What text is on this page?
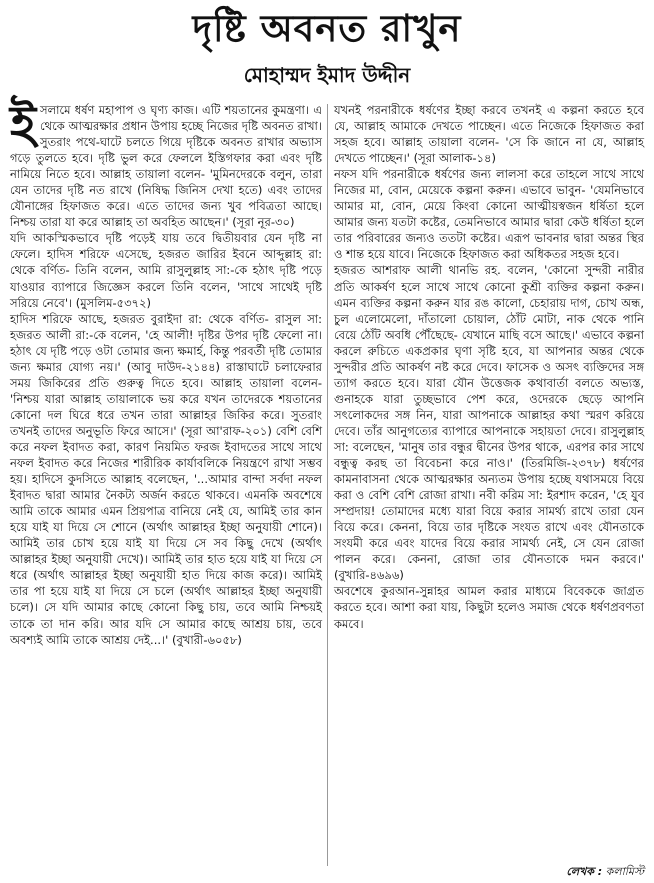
দৃষ্টি অবনত রাখুন
মোহাম্মদ ইমাদ উদ্দীন

ইসলামে ধর্ষণ মহাপাপ ও ঘৃণ্য কাজ। এটি শয়তানের কুমন্ত্রণা। এ থেকে আত্মরক্ষার প্রধান উপায় হচ্ছে নিজের দৃষ্টি অবনত রাখা। সুতরাং পথে-ঘাটে চলতে গিয়ে দৃষ্টিকে অবনত রাখার অভ্যাস গড়ে তুলতে হবে। দৃষ্টি ভুল করে ফেললে ইস্তিগফার করা এবং দৃষ্টি নামিয়ে নিতে হবে। আল্লাহ তায়ালা বলেন- 'মুমিনদেরকে বলুন, তারা যেন তাদের দৃষ্টি নত রাখে (নিষিদ্ধ জিনিস দেখা হতে) এবং তাদের যৌনাঙ্গের হিফাজত করে। এতে তাদের জন্য খুব পবিত্রতা আছে। নিশ্চয় তারা যা করে আল্লাহ তা অবহিত আছেন।' (সূরা নূর-৩০)

যদি আকস্মিকভাবে দৃষ্টি পড়েই যায় তবে দ্বিতীয়বার যেন দৃষ্টি না ফেলে। হাদিস শরিফে এসেছে, হজরত জারির ইবনে আব্দুল্লাহ রা: থেকে বর্ণিত- তিনি বলেন, আমি রাসুলুল্লাহ সা:-কে হঠাৎ দৃষ্টি পড়ে যাওয়ার ব্যাপারে জিজ্ঞেস করলে তিনি বলেন, 'সাথে সাথেই দৃষ্টি সরিয়ে নেবে'। (মুসলিম-৫৩৭২)

হাদিস শরিফে আছে, হজরত বুরাইদা রা: থেকে বর্ণিত- রাসুল সা: হজরত আলী রা:-কে বলেন, 'হে আলী! দৃষ্টির উপর দৃষ্টি ফেলো না। হঠাৎ যে দৃষ্টি পড়ে ওটা তোমার জন্য ক্ষমার্হ, কিন্তু পরবর্তী দৃষ্টি তোমার জন্য ক্ষমার যোগ্য নয়।' (আবু দাউদ-২১৪৪) রাস্তাঘাটে চলাফেরার সময় জিকিরের প্রতি গুরুত্ব দিতে হবে। আল্লাহ তায়ালা বলেন- 'নিশ্চয় যারা আল্লাহ তায়ালাকে ভয় করে যখন তাদেরকে শয়তানের কোনো দল ঘিরে ধরে তখন তারা আল্লাহর জিকির করে। সুতরাং তখনই তাদের অনুভূতি ফিরে আসে।' (সূরা আ'রাফ-২০১) বেশি বেশি করে নফল ইবাদত করা, কারণ নিয়মিত ফরজ ইবাদতের সাথে সাথে নফল ইবাদত করে নিজের শারীরিক কার্যাবলিকে নিয়ন্ত্রণে রাখা সম্ভব হয়। হাদিসে কুদসিতে আল্লাহ বলেছেন, '...আমার বান্দা সর্বদা নফল ইবাদত দ্বারা আমার নৈকট্য অর্জন করতে থাকবে। এমনকি অবশেষে আমি তাকে আমার এমন প্রিয়পাত্র বানিয়ে নেই যে, আমিই তার কান হয়ে যাই যা দিয়ে সে শোনে (অর্থাৎ আল্লাহর ইচ্ছা অনুযায়ী শোনে)। আমিই তার চোখ হয়ে যাই যা দিয়ে সে সব কিছু দেখে (অর্থাৎ আল্লাহর ইচ্ছা অনুযায়ী দেখে)। আমিই তার হাত হয়ে যাই যা দিয়ে সে ধরে (অর্থাৎ আল্লাহর ইচ্ছা অনুযায়ী হাত দিয়ে কাজ করে)। আমিই তার পা হয়ে যাই যা দিয়ে সে চলে (অর্থাৎ আল্লাহর ইচ্ছা অনুযায়ী চলে)। সে যদি আমার কাছে কোনো কিছু চায়, তবে আমি নিশ্চয়ই তাকে তা দান করি। আর যদি সে আমার কাছে আশ্রয় চায়, তবে অবশ্যই আমি তাকে আশ্রয় দেই...।' (বুখারী-৬০৫৮)

যখনই পরনারীকে ধর্ষণের ইচ্ছা করবে তখনই এ কল্পনা করতে হবে যে, আল্লাহ আমাকে দেখতে পাচ্ছেন। এতে নিজেকে হিফাজত করা সহজ হবে। আল্লাহ তায়ালা বলেন- 'সে কি জানে না যে, আল্লাহ দেখতে পাচ্ছেন।' (সূরা আলাক-১৪)

নফস যদি পরনারীকে ধর্ষণের জন্য লালসা করে তাহলে সাথে সাথে নিজের মা, বোন, মেয়েকে কল্পনা করুন। এভাবে ভাবুন- 'যেমনিভাবে আমার মা, বোন, মেয়ে কিংবা কোনো আত্মীয়স্বজন ধর্ষিতা হলে আমার জন্য যতটা কষ্টের, তেমনিভাবে আমার দ্বারা কেউ ধর্ষিতা হলে তার পরিবারের জন্যও ততটা কষ্টের। এরূপ ভাবনার দ্বারা অন্তর স্থির ও শান্ত হয়ে যাবে। নিজেকে হিফাজত করা অধিকতর সহজ হবে।

হজরত আশরাফ আলী থানভি রহ. বলেন, 'কোনো সুন্দরী নারীর প্রতি আকর্ষণ হলে সাথে সাথে কোনো কুশ্রী ব্যক্তির কল্পনা করুন। এমন ব্যক্তির কল্পনা করুন যার রঙ কালো, চেহারায় দাগ, চোখ অন্ধ, চুল এলোমেলো, দাঁতালো চোয়াল, ঠোঁট মোটা, নাক থেকে পানি বেয়ে ঠোঁট অবধি পৌঁছেছে- যেখানে মাছি বসে আছে।' এভাবে কল্পনা করলে রুচিতে একপ্রকার ঘৃণা সৃষ্টি হবে, যা আপনার অন্তর থেকে সুন্দরীর প্রতি আকর্ষণ নষ্ট করে দেবে। ফাসেক ও অসৎ ব্যক্তিদের সঙ্গ ত্যাগ করতে হবে। যারা যৌন উত্তেজক কথাবার্তা বলতে অভ্যস্ত, গুনাহকে যারা তুচ্ছভাবে পেশ করে, ওদেরকে ছেড়ে আপনি সৎলোকদের সঙ্গ নিন, যারা আপনাকে আল্লাহর কথা স্মরণ করিয়ে দেবে। তাঁর আনুগত্যের ব্যাপারে আপনাকে সহায়তা দেবে। রাসুলুল্লাহ সা: বলেছেন, 'মানুষ তার বন্ধুর দ্বীনের উপর থাকে, এরপর কার সাথে বন্ধুত্ব করছ তা বিবেচনা করে নাও।' (তিরমিজি-২৩৭৮) ধর্ষণের কামনাবাসনা থেকে আত্মরক্ষার অন্যতম উপায় হচ্ছে যথাসময়ে বিয়ে করা ও বেশি বেশি রোজা রাখা। নবী করিম সা: ইরশাদ করেন, 'হে যুব সম্প্রদায়! তোমাদের মধ্যে যারা বিয়ে করার সামর্থ্য রাখে তারা যেন বিয়ে করে। কেননা, বিয়ে তার দৃষ্টিকে সংযত রাখে এবং যৌনতাকে সংযমী করে এবং যাদের বিয়ে করার সামর্থ্য নেই, সে যেন রোজা পালন করে। কেননা, রোজা তার যৌনতাকে দমন করবে।' (বুখারি-৪৬৯৬)

অবশেষে কুরআন-সুন্নাহর আমল করার মাধ্যমে বিবেককে জাগ্রত করতে হবে। আশা করা যায়, কিছুটা হলেও সমাজ থেকে ধর্ষণপ্রবণতা কমবে।

লেখক : কলামিস্ট
